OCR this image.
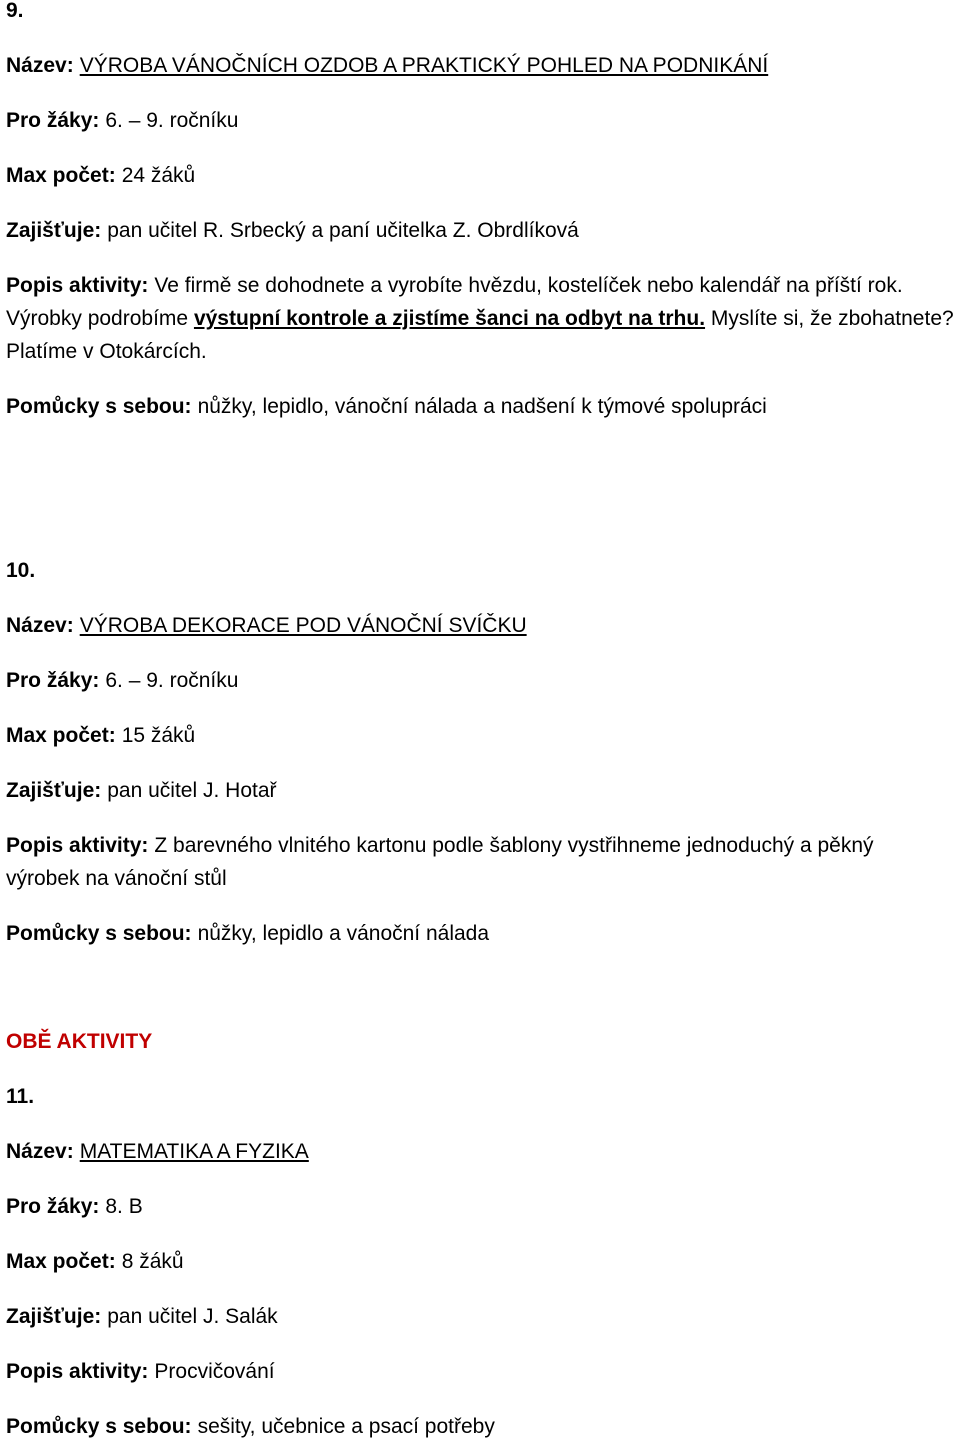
9.

Název: VÝROBA VÁNOČNÍCH OZDOB A PRAKTICKÝ POHLED NA PODNIKÁNÍ

Pro žáky: 6. – 9. ročníku

Max počet: 24 žáků

Zajišťuje: pan učitel R. Srbecký a paní učitelka Z. Obrdlíková

Popis aktivity: Ve firmě se dohodnete a vyrobíte hvězdu, kostelíček nebo kalendář na příští rok.

Výrobky podrobíme výstupní kontrole a zjistíme šanci na odbyt na trhu. Myslíte si, že zbohatnete?

Platíme v Otokárcích.

Pomůcky s sebou: nůžky, lepidlo, vánoční nálada a nadšení k týmové spolupráci

10.

Název: VÝROBA DEKORACE POD VÁNOČNÍ SVÍČKU

Pro žáky: 6. – 9. ročníku

Max počet: 15 žáků

Zajišťuje: pan učitel J. Hotař

Popis aktivity: Z barevného vlnitého kartonu podle šablony vystřihneme jednoduchý a pěkný

výrobek na vánoční stůl

Pomůcky s sebou: nůžky, lepidlo a vánoční nálada

OBĚ AKTIVITY

11.

Název: MATEMATIKA A FYZIKA

Pro žáky: 8. B

Max počet: 8 žáků

Zajišťuje: pan učitel J. Salák

Popis aktivity: Procvičování

Pomůcky s sebou: sešity, učebnice a psací potřeby
